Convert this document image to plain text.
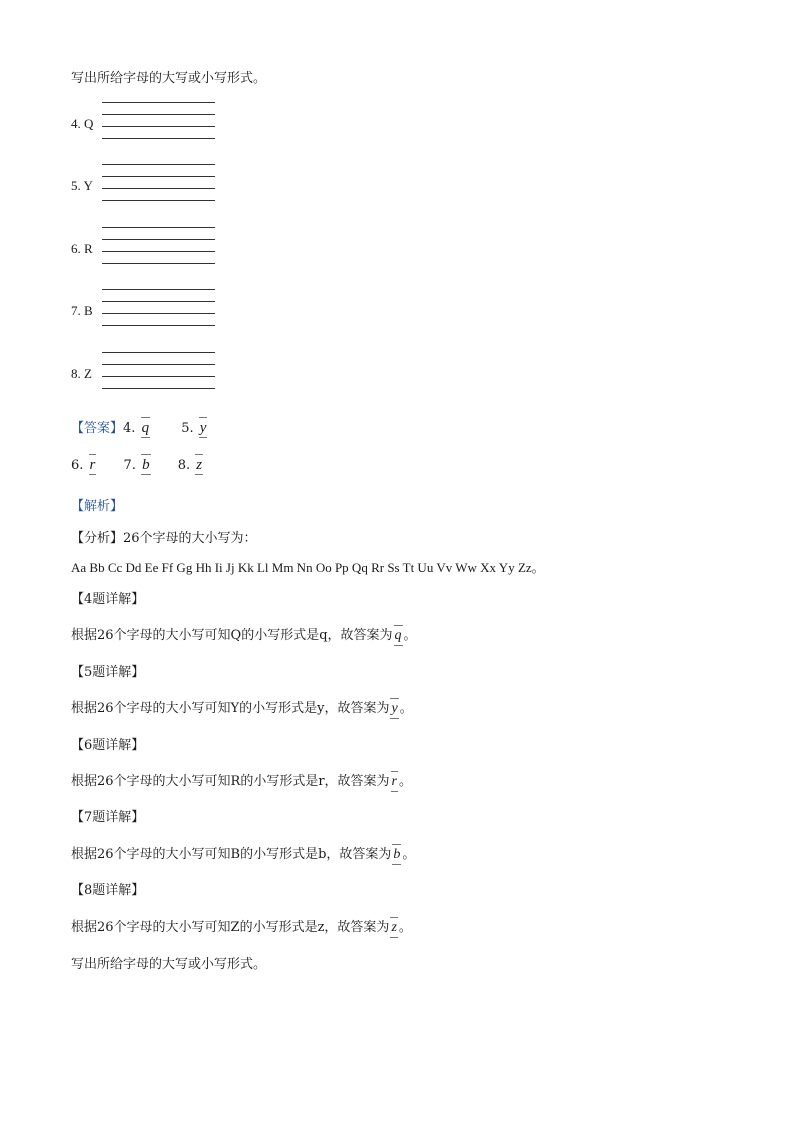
写出所给字母的大写或小写形式。
4. Q
5. Y
6. R
7. B
8. Z
【答案】4. q 5. y
6. r 7. b 8. z
【解析】
【分析】26个字母的大小写为：
Aa Bb Cc Dd Ee Ff Gg Hh Ii Jj Kk Ll Mm Nn Oo Pp Qq Rr Ss Tt Uu Vv Ww Xx Yy Zz。
【4题详解】
根据26个字母的大小写可知Q的小写形式是q，故答案为 q 。
【5题详解】
根据26个字母的大小写可知Y的小写形式是y，故答案为 y 。
【6题详解】
根据26个字母的大小写可知R的小写形式是r，故答案为 r 。
【7题详解】
根据26个字母的大小写可知B的小写形式是b，故答案为 b 。
【8题详解】
根据26个字母的大小写可知Z的小写形式是z，故答案为 z 。
写出所给字母的大写或小写形式。
